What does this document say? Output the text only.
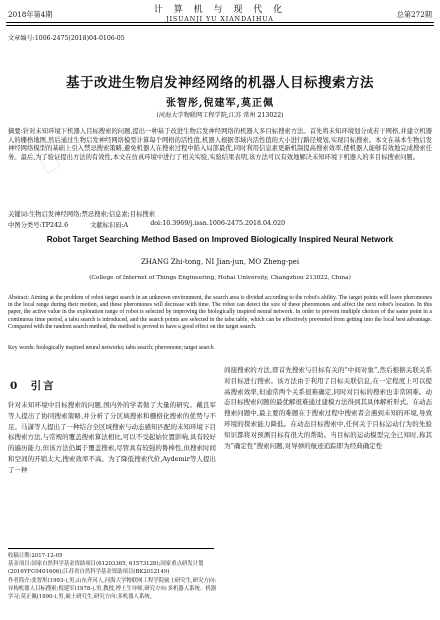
□
2018年第4期	计 算 机 与 现 代 化
JISUANJI YU XIANDAIHUA
总第272期
文章编号:1006-2475(2018)04-0106-05
基于改进生物启发神经网络的机器人目标搜索方法
张智彤,倪建军,莫正佩
(河海大学物联网工程学院,江苏 常州 213022)
摘要:针对未知环境下机器人目标搜索的问题,提出一种基于改进生物启发神经网络的机器人多目标搜索方法。首先将未知环境划分成若干网格,并建立机器人的栅格地图,然后通过生物启发神经网络模型计算每个网格的活性值,机器人根据邻域内活性值的大小进行路径规划,实现目标搜索。本文在基本生物启发神经网络模型的基础上引入禁忌搜索策略,避免机器人在搜索过程中陷入局部最优,同时利用信息素更新机制提高搜索效率,使机器人能够有效地完成搜索任务。最后,为了验证提出方法的有效性,本文在仿真环境中进行了相关实验,实验结果表明,该方法可以有效地解决未知环境下机器人的多目标搜索问题。
关键词:生物启发神经网络;禁忌搜索;信息素;目标搜索
中图分类号:TP242.6	文献标识码:A	doi:10.3969/j.issn.1006-2475.2018.04.020
Robot Target Searching Method Based on Improved Biologically Inspired Neural Network
ZHANG Zhi-tong, NI Jian-jun, MO Zheng-pei
(College of Internet of Things Engineering, Hohai University, Changzhou 213022, China)
Abstract: Aiming at the problem of robot target search in an unknown environment, the search area is divided according to the robot's ability. The target points will leave pheromones in the local range during their motion, and these pheromones will decrease with time. The robot can detect the size of these pheromones and affect the next robot's location. In this paper, the active value in the exploration range of robot is selected by improving the biologically inspired neural network. In order to prevent multiple choices of the same point in a continuous time period, a tabu search is introduced, and the search points are selected in the tabu table, which can be effectively prevented from getting into the local best advantage. Compared with the random search method, the method is proved to have a good effect on the target search.
Key words: biologically inspired neural networks; tabu search; pheromone; target search
0 引言
针对未知环境中目标搜索的问题,国内外的学者做了大量的研究。戴良军等人提出了协同搜索策略,并分析了分区域搜索和栅格化搜索的优势与不足。马潇等人提出了一种结合全区域搜索与动态感知匹配的未知环境下目标搜索方法,与常规的覆盖搜索算法相比,可以不受起始位置影响,具有较好的遍历能力,但该方法仍属于覆盖搜索,尽管具有较强的鲁棒性,但搜索时间和空间的开销太大,搜索效率不高。为了降低搜索代价,Aydemir等人提出了一种
间接搜索的方法,即首先搜索与目标有关的“中间对象”,然后根据关联关系对目标进行搜索。该方法由于利用了目标关联信息,在一定程度上可以提高搜索效率,但通常两个关系很难确定,同时对目标的搜索也非常困难。动态目标搜索问题的最优解很难通过建模方法得到其具体解析形式。在动态搜索问题中,最主要的难题在于搜索过程中搜索者会遇到未知的环境,导致环境的探索能力降低。在动态目标搜索中,任何关于目标运动行为的先验知识都将对预测目标有很大的帮助。当目标的运动模型完全已知时,称其为“确定性”搜索问题,对导弹的航迹追踪即为经典确定性
收稿日期:2017-12-05
基金项目:国家自然科学基金资助项目(61203365, 61573128);国家重点研发计划(2016YFC0401606);江苏省自然科学基金资助项目(BK2012149)
作者简介:张智彤(1993-),男,山东齐河人,河海大学物联网工程学院硕士研究生,研究方向:异构机器人目标搜索;倪建军(1978-),男,教授,博士生导师,研究方向:多机器人系统、机器学习;莫正佩(1990-),男,硕士研究生,研究方向:多机器人系统。
